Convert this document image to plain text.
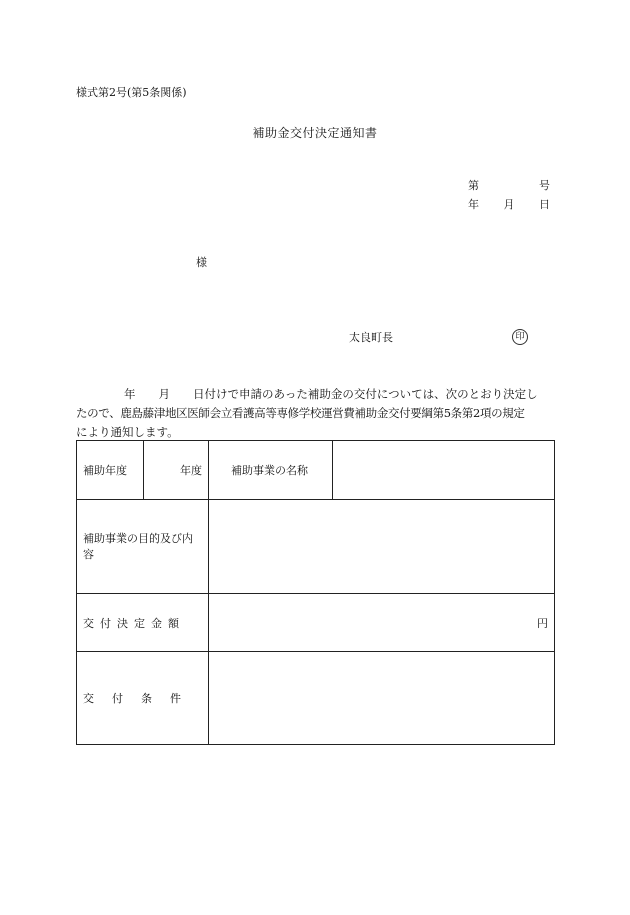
様式第2号(第5条関係)
補助金交付決定通知書
第	号
年 月 日
様
太良町長	印
年 月 日付けで申請のあった補助金の交付については、次のとおり決定し
たので、鹿島藤津地区医師会立看護高等専修学校運営費補助金交付要綱第5条第2項の規定
により通知します。
補助年度	年度	補助事業の名称	
補助事業の目的及び内容			
交付決定金額		円	
交付条件			
